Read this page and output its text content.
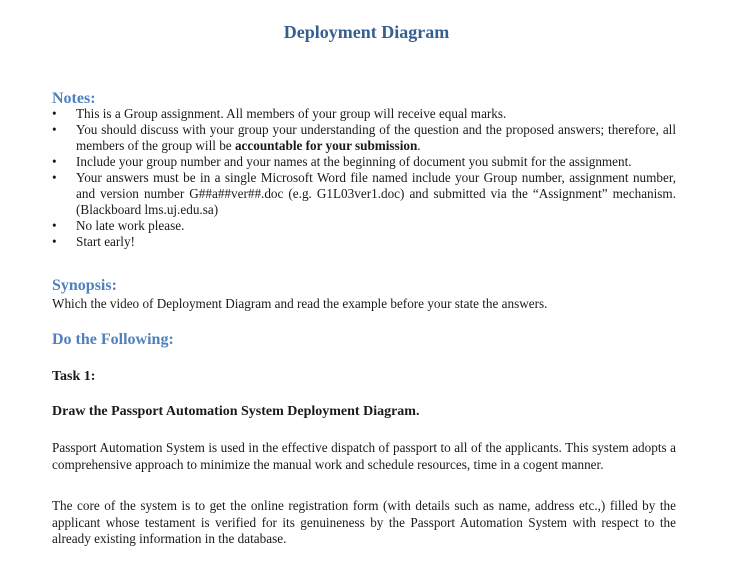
Deployment Diagram
Notes:
• This is a Group assignment. All members of your group will receive equal marks.
• You should discuss with your group your understanding of the question and the proposed answers; therefore, all members of the group will be accountable for your submission.
• Include your group number and your names at the beginning of document you submit for the assignment.
• Your answers must be in a single Microsoft Word file named include your Group number, assignment number, and version number G##a##ver##.doc (e.g. G1L03ver1.doc) and submitted via the “Assignment” mechanism. (Blackboard lms.uj.edu.sa)
• No late work please.
• Start early!
Synopsis:

Which the video of Deployment Diagram and read the example before your state the answers.

Do the Following:
Task 1:
Draw the Passport Automation System Deployment Diagram.

Passport Automation System is used in the effective dispatch of passport to all of the applicants. This system adopts a comprehensive approach to minimize the manual work and schedule resources, time in a cogent manner.

The core of the system is to get the online registration form (with details such as name, address etc.,) filled by the applicant whose testament is verified for its genuineness by the Passport Automation System with respect to the already existing information in the database.
